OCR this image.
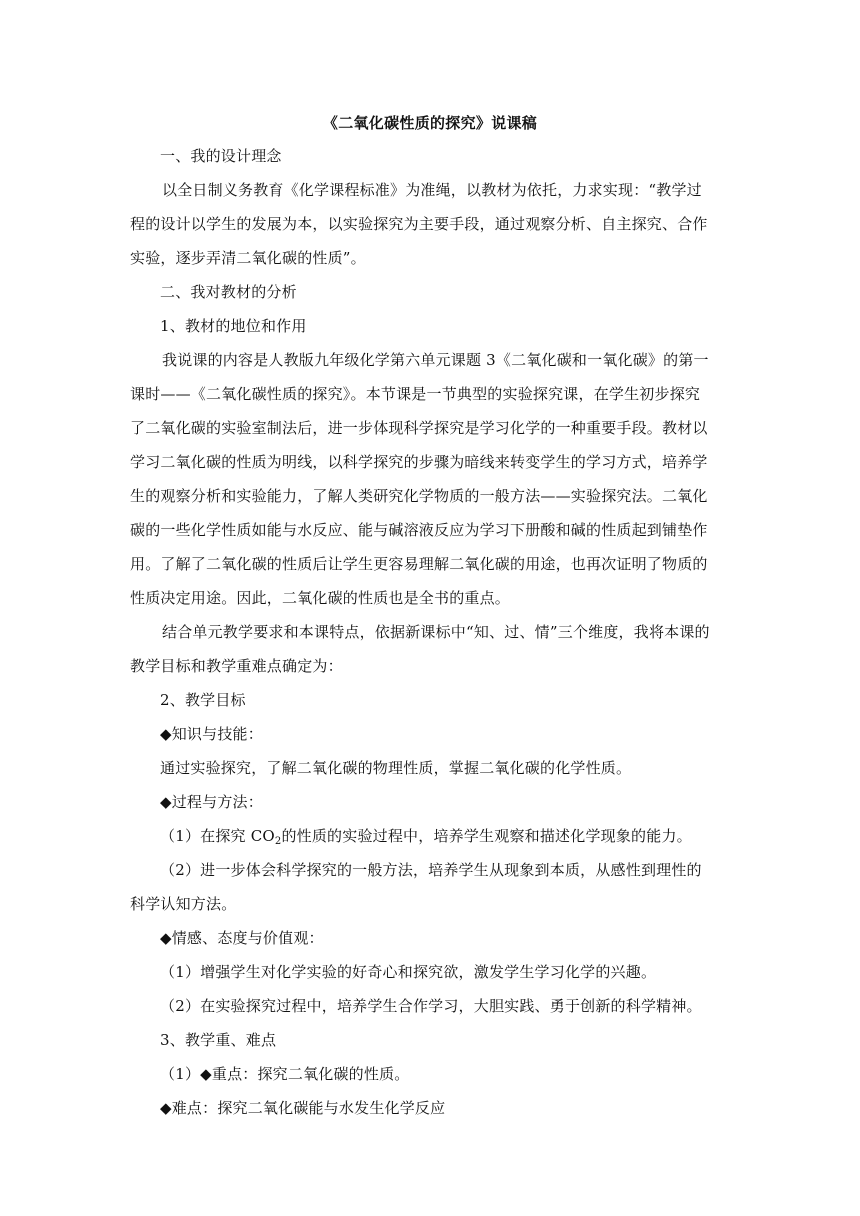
《二氧化碳性质的探究》说课稿
一、我的设计理念
以全日制义务教育《化学课程标准》为准绳，以教材为依托，力求实现：“教学过
程的设计以学生的发展为本，以实验探究为主要手段，通过观察分析、自主探究、合作
实验，逐步弄清二氧化碳的性质”。
二、我对教材的分析
1、教材的地位和作用
我说课的内容是人教版九年级化学第六单元课题 3《二氧化碳和一氧化碳》的第一
课时——《二氧化碳性质的探究》。本节课是一节典型的实验探究课，在学生初步探究
了二氧化碳的实验室制法后，进一步体现科学探究是学习化学的一种重要手段。教材以
学习二氧化碳的性质为明线，以科学探究的步骤为暗线来转变学生的学习方式，培养学
生的观察分析和实验能力，了解人类研究化学物质的一般方法——实验探究法。二氧化
碳的一些化学性质如能与水反应、能与碱溶液反应为学习下册酸和碱的性质起到铺垫作
用。了解了二氧化碳的性质后让学生更容易理解二氧化碳的用途，也再次证明了物质的
性质决定用途。因此，二氧化碳的性质也是全书的重点。
结合单元教学要求和本课特点，依据新课标中“知、过、情”三个维度，我将本课的
教学目标和教学重难点确定为：
2、教学目标
◆知识与技能：
通过实验探究，了解二氧化碳的物理性质，掌握二氧化碳的化学性质。
◆过程与方法：
（1）在探究 $CO_2$的性质的实验过程中，培养学生观察和描述化学现象的能力。
（2）进一步体会科学探究的一般方法，培养学生从现象到本质，从感性到理性的
科学认知方法。
◆情感、态度与价值观：
（1）增强学生对化学实验的好奇心和探究欲，激发学生学习化学的兴趣。
（2）在实验探究过程中，培养学生合作学习，大胆实践、勇于创新的科学精神。
3、教学重、难点
（1）◆重点：探究二氧化碳的性质。
◆难点：探究二氧化碳能与水发生化学反应
